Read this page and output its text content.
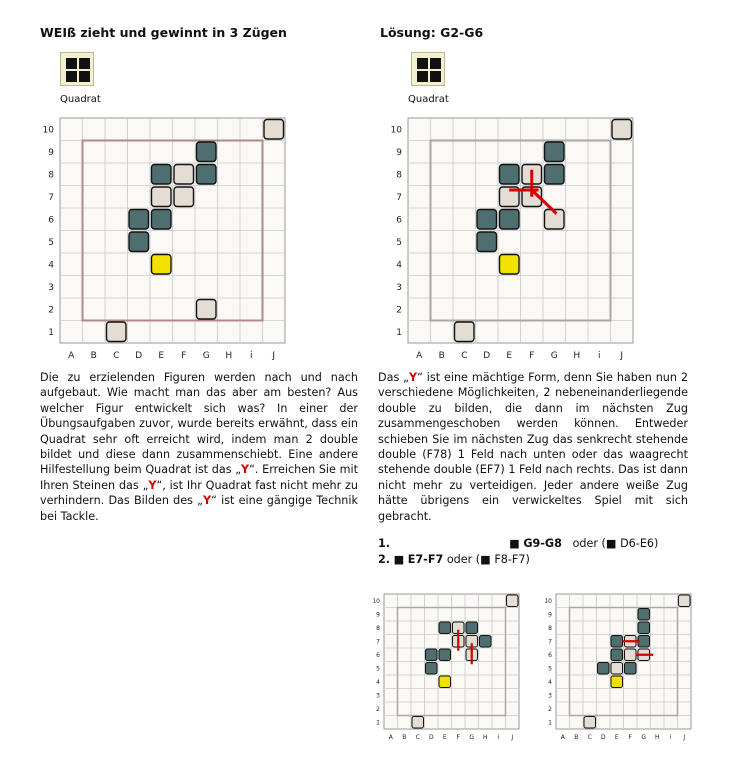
WEIß zieht und gewinnt in 3 Zügen
Quadrat
10
9
8
7
6
5
4
3
2
1
A B C D E F G H i J
Die zu erzielenden Figuren werden nach und nach aufgebaut. Wie macht man das aber am besten? Aus welcher Figur entwickelt sich was? In einer der Übungsaufgaben zuvor, wurde bereits erwähnt, dass ein Quadrat sehr oft erreicht wird, indem man 2 double bildet und diese dann zusammenschiebt. Eine andere Hilfestellung beim Quadrat ist das „Y“. Erreichen Sie mit Ihren Steinen das „Y“, ist Ihr Quadrat fast nicht mehr zu verhindern. Das Bilden des „Y“ ist eine gängige Technik bei Tackle.
Lösung: G2-G6
Quadrat
10
9
8
7
6
5
4
3
2
1
A B C D E F G H i J
Das „Y“ ist eine mächtige Form, denn Sie haben nun 2 verschiedene Möglichkeiten, 2 nebeneinanderliegende double zu bilden, die dann im nächsten Zug zusammengeschoben werden können. Entweder schieben Sie im nächsten Zug das senkrecht stehende double (F78) 1 Feld nach unten oder das waagrecht stehende double (EF7) 1 Feld nach rechts. Das ist dann nicht mehr zu verteidigen. Jeder andere weiße Zug hätte übrigens ein verwickeltes Spiel mit sich gebracht.
1.	■ G9-G8 oder (■ D6-E6)
2. ■ E7-F7 oder (■ F8-F7)
10
9
8
7
6
5
4
3
2
1
A B C D E F G H i J
10
9
8
7
6
5
4
3
2
1
A B C D E F G H i J
